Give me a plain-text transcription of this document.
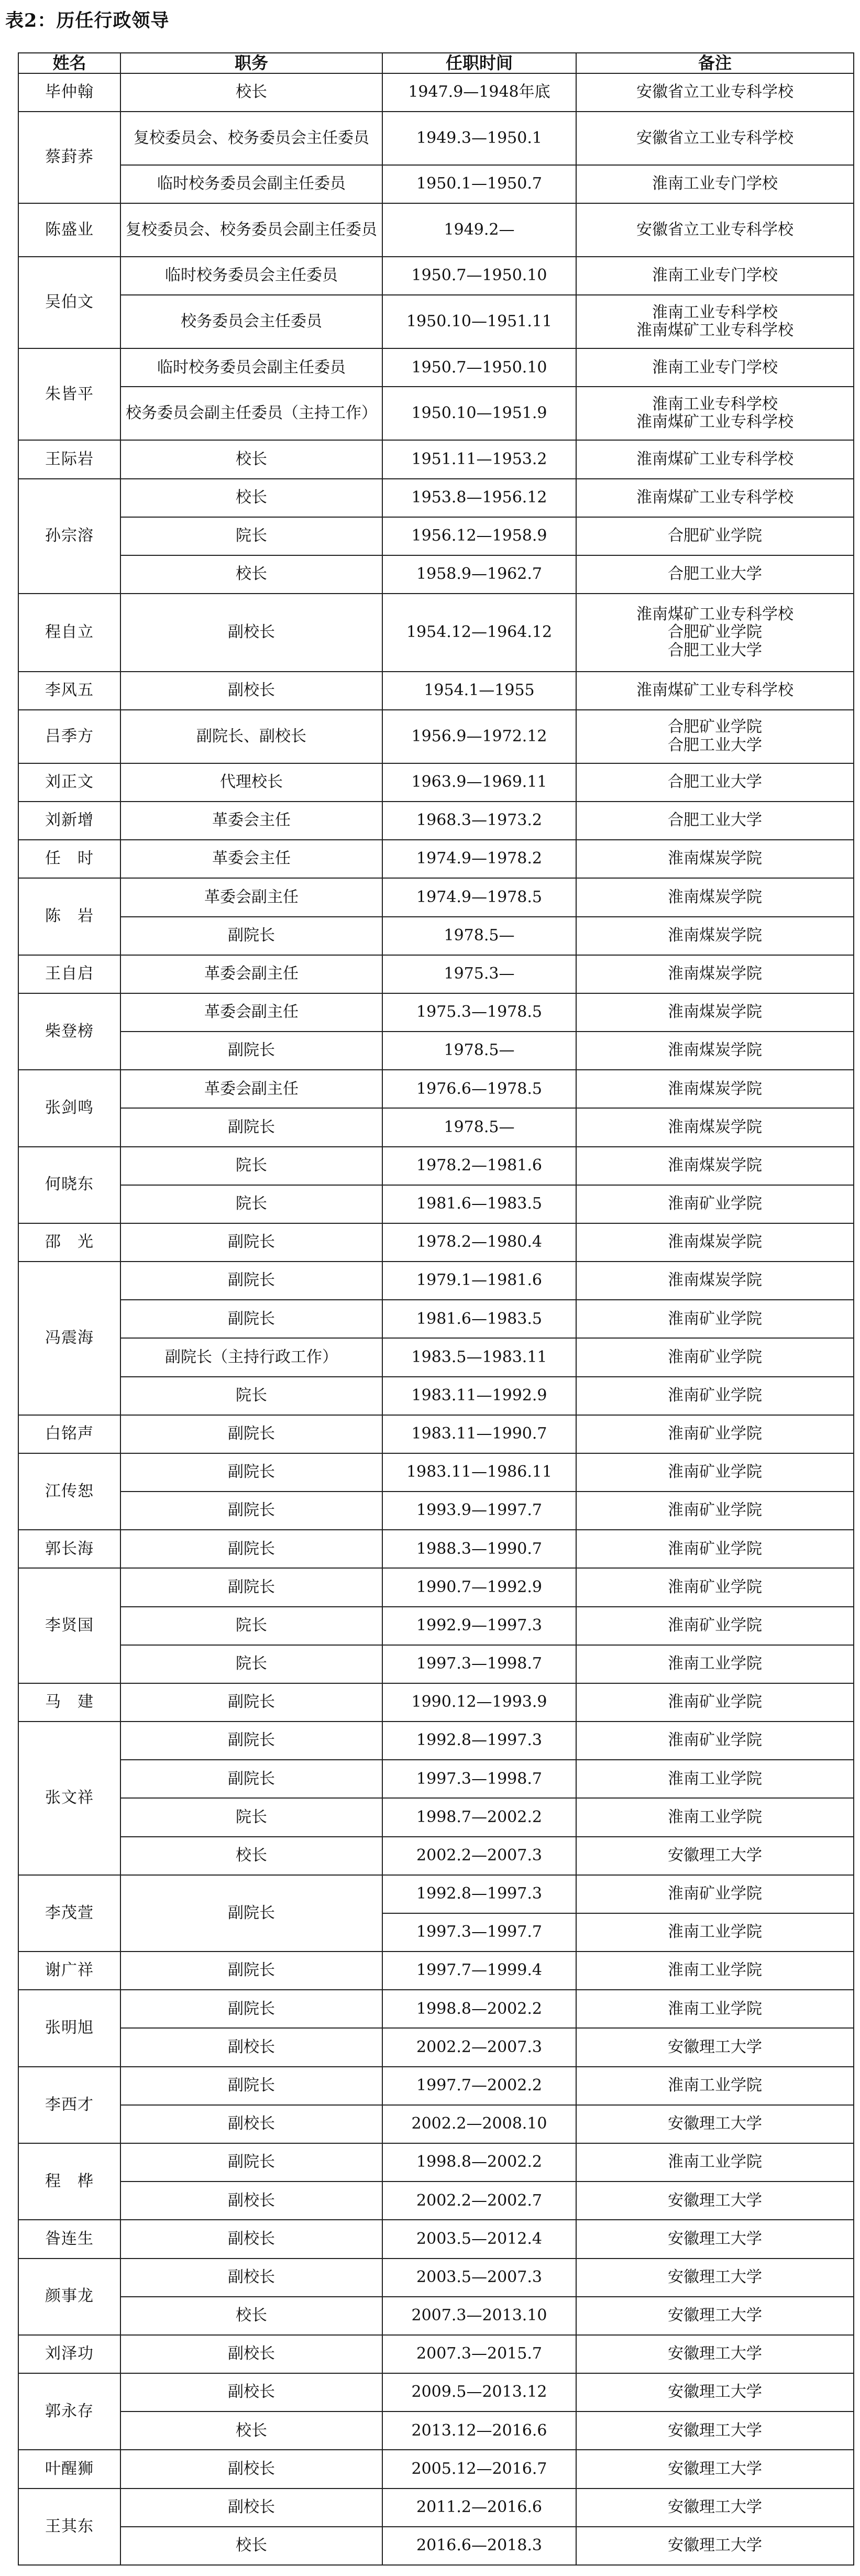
表2：历任行政领导
姓名	职务	任职时间	备注
毕仲翰	校长	1947.9—1948年底	安徽省立工业专科学校

蔡葑荞	复校委员会、校务委员会主任委员	1949.3—1950.1	安徽省立工业专科学校

	临时校务委员会副主任委员	1950.1—1950.7	淮南工业专门学校

陈盛业	复校委员会、校务委员会副主任委员	1949.2—	安徽省立工业专科学校

吴伯文	临时校务委员会主任委员	1950.7—1950.10	淮南工业专门学校

	校务委员会主任委员	1950.10—1951.11	淮南工业专科学校
淮南煤矿工业专科学校

朱皆平	临时校务委员会副主任委员	1950.7—1950.10	淮南工业专门学校

	校务委员会副主任委员（主持工作）	1950.10—1951.9	淮南工业专科学校
淮南煤矿工业专科学校

王际岩	校长	1951.11—1953.2	淮南煤矿工业专科学校

孙宗溶	校长	1953.8—1956.12	淮南煤矿工业专科学校

	院长	1956.12—1958.9	合肥矿业学院

	校长	1958.9—1962.7	合肥工业大学

程自立	副校长	1954.12—1964.12	淮南煤矿工业专科学校
合肥矿业学院
合肥工业大学

李风五	副校长	1954.1—1955	淮南煤矿工业专科学校

吕季方	副院长、副校长	1956.9—1972.12	合肥矿业学院
合肥工业大学

刘正文	代理校长	1963.9—1969.11	合肥工业大学

刘新增	革委会主任	1968.3—1973.2	合肥工业大学

任　时	革委会主任	1974.9—1978.2	淮南煤炭学院

陈　岩	革委会副主任	1974.9—1978.5	淮南煤炭学院

	副院长	1978.5—	淮南煤炭学院

王自启	革委会副主任	1975.3—	淮南煤炭学院

柴登榜	革委会副主任	1975.3—1978.5	淮南煤炭学院

	副院长	1978.5—	淮南煤炭学院

张剑鸣	革委会副主任	1976.6—1978.5	淮南煤炭学院

	副院长	1978.5—	淮南煤炭学院

何晓东	院长	1978.2—1981.6	淮南煤炭学院

	院长	1981.6—1983.5	淮南矿业学院

邵　光	副院长	1978.2—1980.4	淮南煤炭学院

冯震海	副院长	1979.1—1981.6	淮南煤炭学院

	副院长	1981.6—1983.5	淮南矿业学院

	副院长（主持行政工作）	1983.5—1983.11	淮南矿业学院

	院长	1983.11—1992.9	淮南矿业学院

白铭声	副院长	1983.11—1990.7	淮南矿业学院

江传恕	副院长	1983.11—1986.11	淮南矿业学院

	副院长	1993.9—1997.7	淮南矿业学院

郭长海	副院长	1988.3—1990.7	淮南矿业学院

李贤国	副院长	1990.7—1992.9	淮南矿业学院

	院长	1992.9—1997.3	淮南矿业学院

	院长	1997.3—1998.7	淮南工业学院

马　建	副院长	1990.12—1993.9	淮南矿业学院

张文祥	副院长	1992.8—1997.3	淮南矿业学院

	副院长	1997.3—1998.7	淮南工业学院

	院长	1998.7—2002.2	淮南工业学院

	校长	2002.2—2007.3	安徽理工大学

李茂萱	副院长	1992.8—1997.3	淮南矿业学院

		1997.3—1997.7	淮南工业学院

谢广祥	副院长	1997.7—1999.4	淮南工业学院

张明旭	副院长	1998.8—2002.2	淮南工业学院

	副校长	2002.2—2007.3	安徽理工大学

李西才	副院长	1997.7—2002.2	淮南工业学院

	副校长	2002.2—2008.10	安徽理工大学

程　桦	副院长	1998.8—2002.2	淮南工业学院

	副校长	2002.2—2002.7	安徽理工大学

昝连生	副校长	2003.5—2012.4	安徽理工大学

颜事龙	副校长	2003.5—2007.3	安徽理工大学

	校长	2007.3—2013.10	安徽理工大学

刘泽功	副校长	2007.3—2015.7	安徽理工大学

郭永存	副校长	2009.5—2013.12	安徽理工大学

	校长	2013.12—2016.6	安徽理工大学

叶醒狮	副校长	2005.12—2016.7	安徽理工大学

王其东	副校长	2011.2—2016.6	安徽理工大学

	校长	2016.6—2018.3	安徽理工大学
